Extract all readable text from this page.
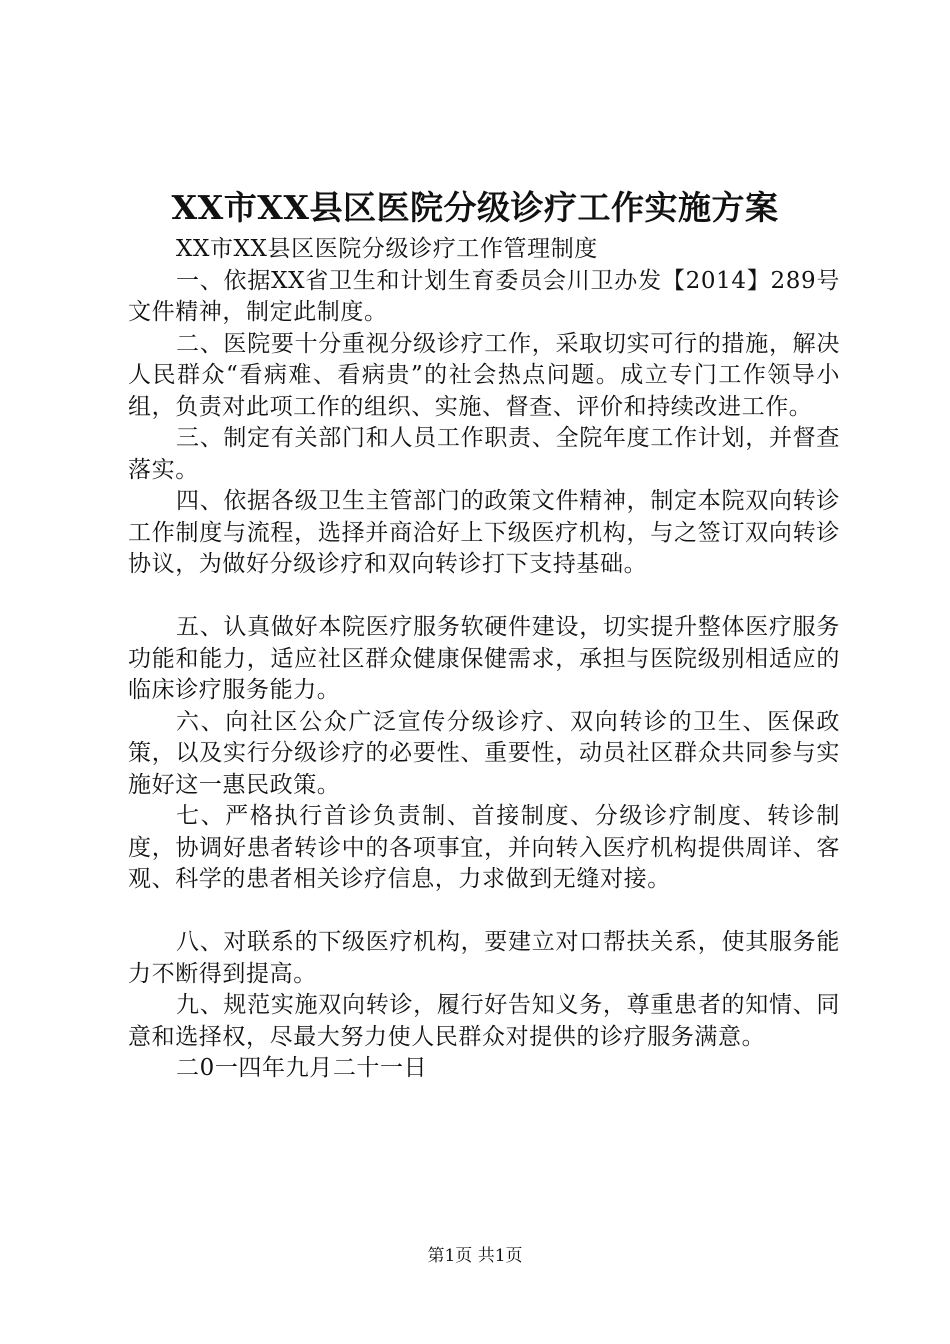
XX市XX县区医院分级诊疗工作实施方案

XX市XX县区医院分级诊疗工作管理制度

一、依据XX省卫生和计划生育委员会川卫办发【2014】289号文件精神，制定此制度。

二、医院要十分重视分级诊疗工作，采取切实可行的措施，解决人民群众“看病难、看病贵”的社会热点问题。成立专门工作领导小组，负责对此项工作的组织、实施、督查、评价和持续改进工作。

三、制定有关部门和人员工作职责、全院年度工作计划，并督查落实。

四、依据各级卫生主管部门的政策文件精神，制定本院双向转诊工作制度与流程，选择并商洽好上下级医疗机构，与之签订双向转诊协议，为做好分级诊疗和双向转诊打下支持基础。

五、认真做好本院医疗服务软硬件建设，切实提升整体医疗服务功能和能力，适应社区群众健康保健需求，承担与医院级别相适应的临床诊疗服务能力。

六、向社区公众广泛宣传分级诊疗、双向转诊的卫生、医保政策，以及实行分级诊疗的必要性、重要性，动员社区群众共同参与实施好这一惠民政策。

七、严格执行首诊负责制、首接制度、分级诊疗制度、转诊制度，协调好患者转诊中的各项事宜，并向转入医疗机构提供周详、客观、科学的患者相关诊疗信息，力求做到无缝对接。

八、对联系的下级医疗机构，要建立对口帮扶关系，使其服务能力不断得到提高。

九、规范实施双向转诊，履行好告知义务，尊重患者的知情、同意和选择权，尽最大努力使人民群众对提供的诊疗服务满意。

二0一四年九月二十一日

第1页 共1页
